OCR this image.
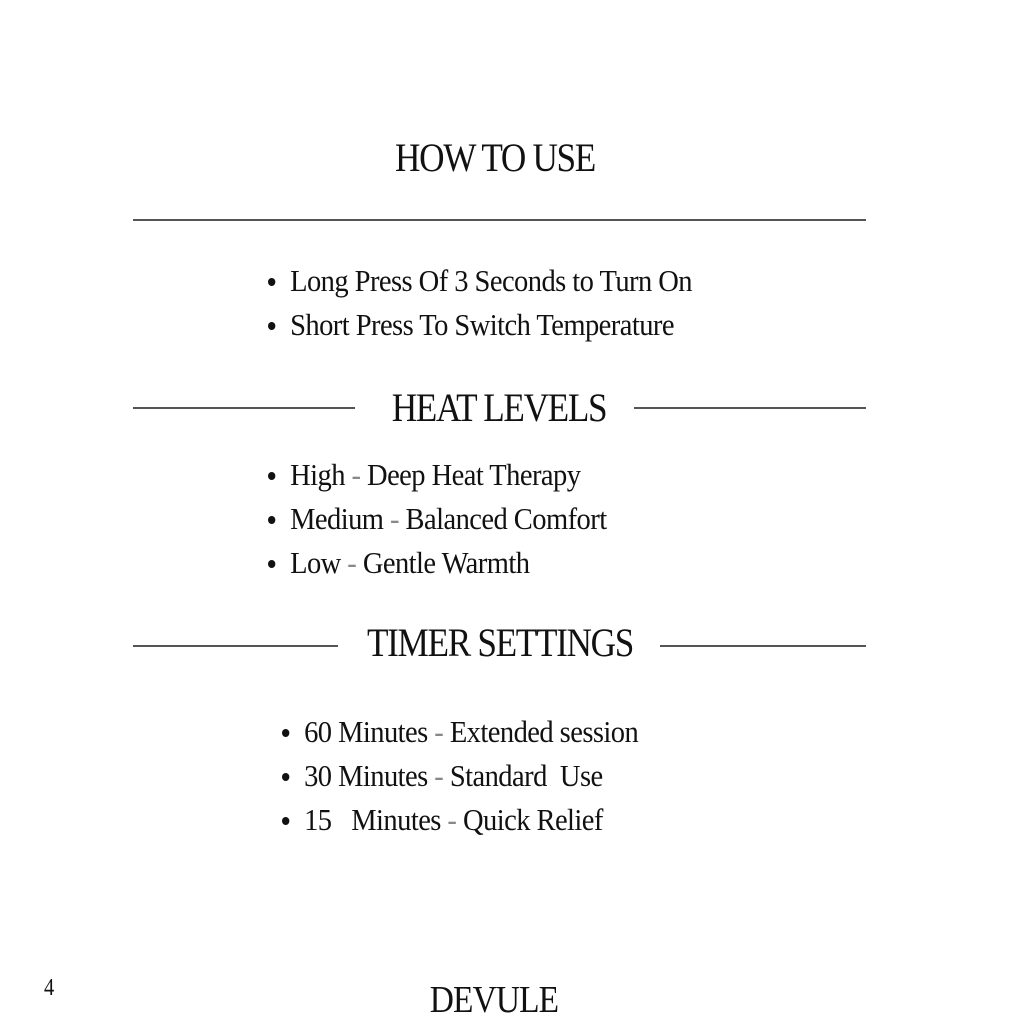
HOW TO USE
Long Press Of 3 Seconds to Turn On
Short Press To Switch Temperature
HEAT LEVELS
High - Deep Heat Therapy
Medium - Balanced Comfort
Low - Gentle Warmth
TIMER SETTINGS
60 Minutes - Extended session
30 Minutes - Standard  Use
15   Minutes - Quick Relief
4	DEVULE
